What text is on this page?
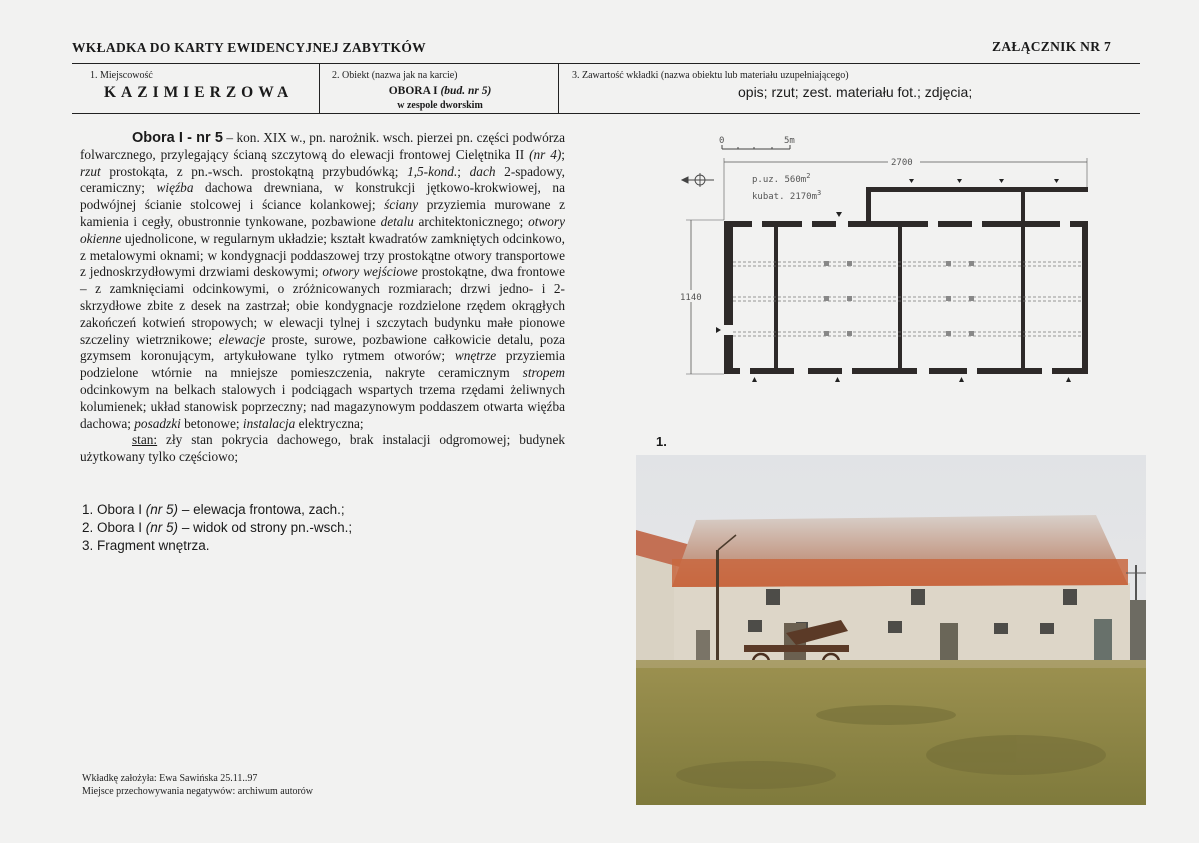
WKŁADKA DO KARTY EWIDENCYJNEJ ZABYTKÓW	ZAŁĄCZNIK NR 7
1. Miejscowość
KAZIMIERZOWA
2. Obiekt (nazwa jak na karcie)
OBORA I (bud. nr 5)
w zespole dworskim
3. Zawartość wkładki (nazwa obiektu lub materiału uzupełniającego)
opis; rzut; zest. materiału fot.; zdjęcia;

Obora I - nr 5 – kon. XIX w., pn. narożnik. wsch. pierzei pn. części podwórza folwarcznego, przylegający ścianą szczytową do elewacji frontowej Cielętnika II (nr 4); rzut prostokąta, z pn.-wsch. prostokątną przybudówką; 1,5-kond.; dach 2-spadowy, ceramiczny; więźba dachowa drewniana, w konstrukcji jętkowo-krokwiowej, na podwójnej ścianie stolcowej i ściance kolankowej; ściany przyziemia murowane z kamienia i cegły, obustronnie tynkowane, pozbawione detalu architektonicznego; otwory okienne ujednolicone, w regularnym układzie; kształt kwadratów zamkniętych odcinkowo, z metalowymi oknami; w kondygnacji poddaszowej trzy prostokątne otwory transportowe z jednoskrzydłowymi drzwiami deskowymi; otwory wejściowe prostokątne, dwa frontowe – z zamknięciami odcinkowymi, o zróżnicowanych rozmiarach; drzwi jedno- i 2-skrzydłowe zbite z desek na zastrzał; obie kondygnacje rozdzielone rzędem okrągłych zakończeń kotwień stropowych; w elewacji tylnej i szczytach budynku małe pionowe szczeliny wietrznikowe; elewacje proste, surowe, pozbawione całkowicie detalu, poza gzymsem koronującym, artykułowane tylko rytmem otworów; wnętrze przyziemia podzielone wtórnie na mniejsze pomieszczenia, nakryte ceramicznym stropem odcinkowym na belkach stalowych i podciągach wspartych trzema rzędami żeliwnych kolumienek; układ stanowisk poprzeczny; nad magazynowym poddaszem otwarta więźba dachowa; posadzki betonowe; instalacja elektryczna;

stan: zły stan pokrycia dachowego, brak instalacji odgromowej; budynek użytkowany tylko częściowo;

1. Obora I (nr 5) – elewacja frontowa, zach.;
2. Obora I (nr 5) – widok od strony pn.-wsch.;
3. Fragment wnętrza.
Wkładkę założyła: Ewa Sawińska 25.11..97
Miejsce przechowywania negatywów: archiwum autorów
0	5m
2700
p.uz. $560m^2$
kubat. $2170m^3$
1140
1.
